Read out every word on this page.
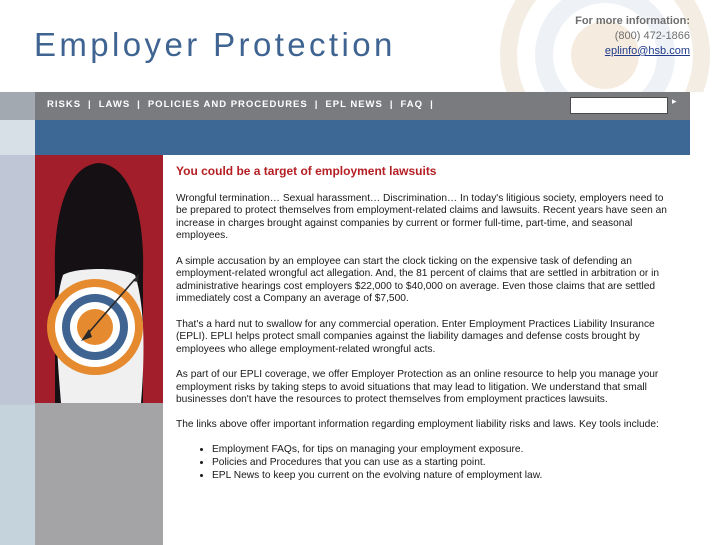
Employer Protection
For more information:
(800) 472-1866
eplinfo@hsb.com
RISKS | LAWS | POLICIES AND PROCEDURES | EPL NEWS | FAQ |	▸
You could be a target of employment lawsuits

Wrongful termination… Sexual harassment… Discrimination… In today's litigious society, employers need to be prepared to protect themselves from employment-related claims and lawsuits. Recent years have seen an increase in charges brought against companies by current or former full-time, part-time, and seasonal employees.

A simple accusation by an employee can start the clock ticking on the expensive task of defending an employment-related wrongful act allegation. And, the 81 percent of claims that are settled in arbitration or in administrative hearings cost employers $22,000 to $40,000 on average. Even those claims that are settled immediately cost a Company an average of $7,500.

That's a hard nut to swallow for any commercial operation. Enter Employment Practices Liability Insurance (EPLI). EPLI helps protect small companies against the liability damages and defense costs brought by employees who allege employment-related wrongful acts.

As part of our EPLI coverage, we offer Employer Protection as an online resource to help you manage your employment risks by taking steps to avoid situations that may lead to litigation. We understand that small businesses don't have the resources to protect themselves from employment practices lawsuits.

The links above offer important information regarding employment liability risks and laws. Key tools include:

• Employment FAQs, for tips on managing your employment exposure.
• Policies and Procedures that you can use as a starting point.
• EPL News to keep you current on the evolving nature of employment law.
